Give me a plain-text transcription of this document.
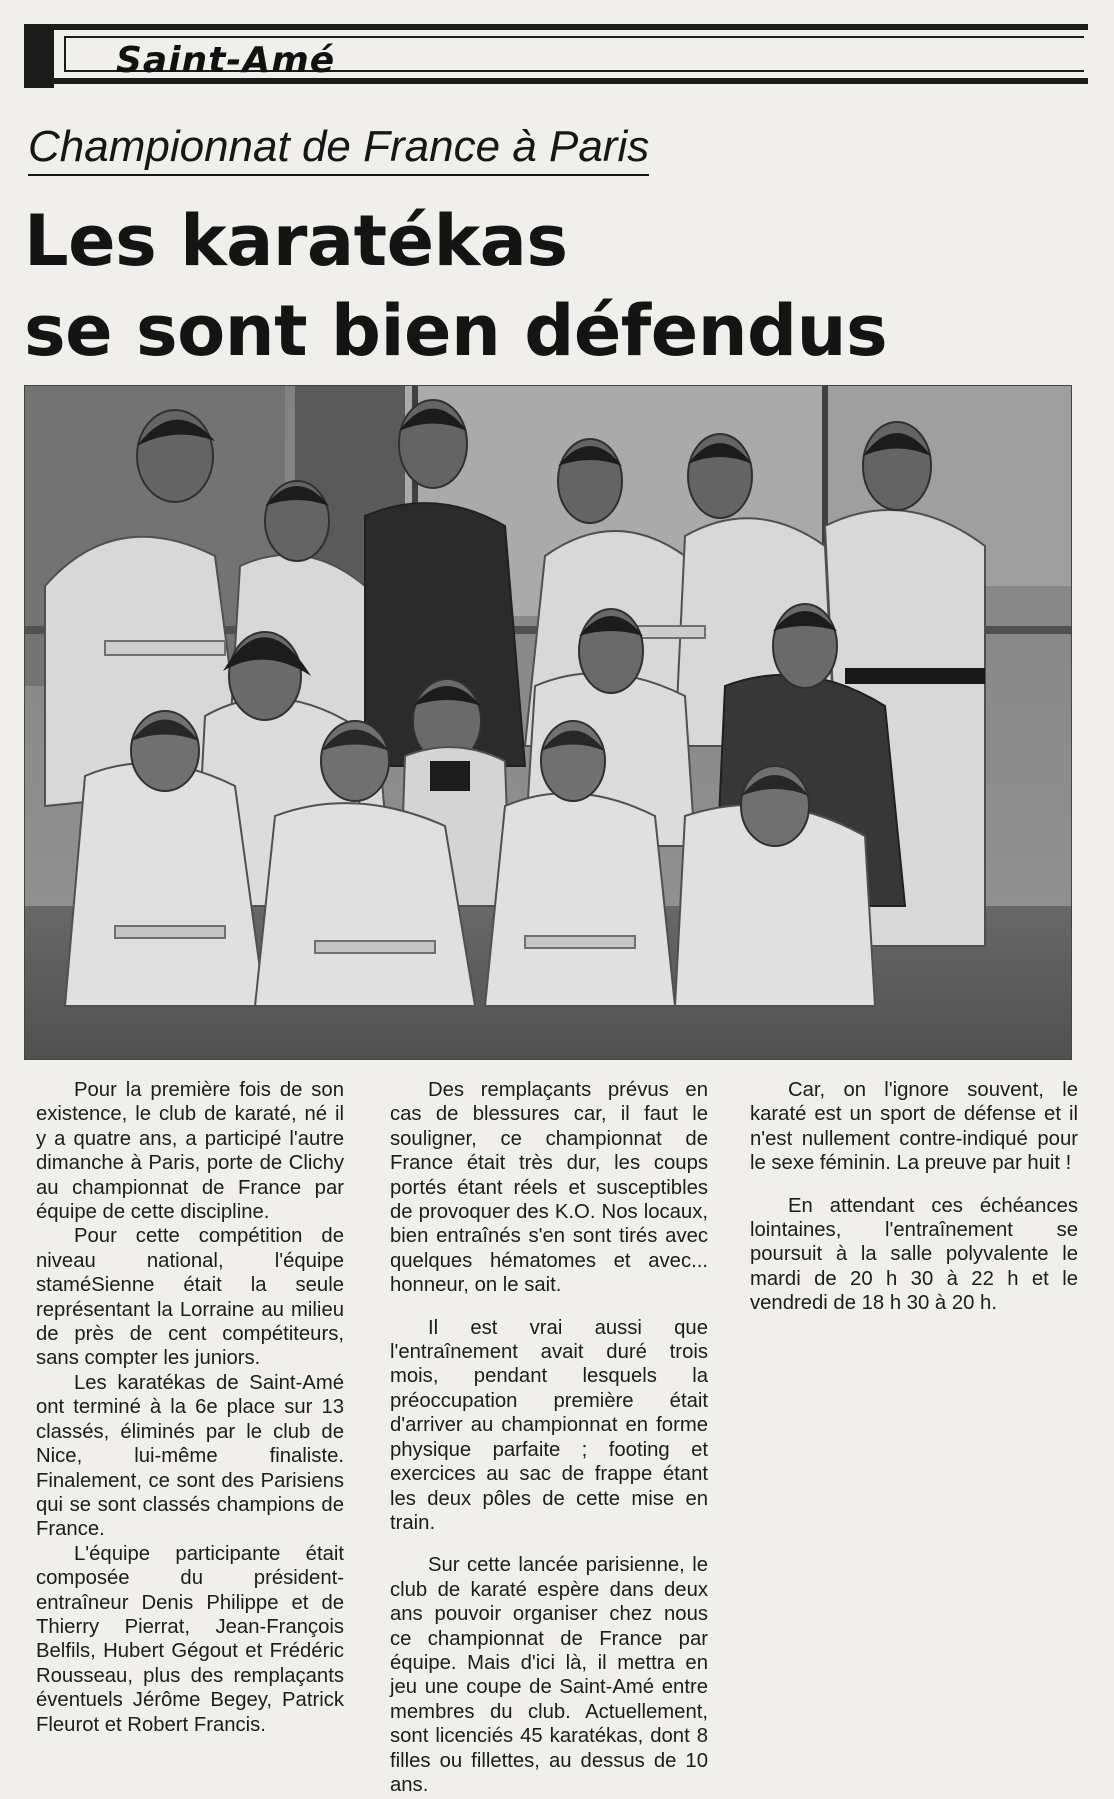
Saint-Amé
Championnat de France à Paris
Les karatékas
se sont bien défendus

Pour la première fois de son existence, le club de karaté, né il y a quatre ans, a participé l'autre dimanche à Paris, porte de Clichy au championnat de France par équipe de cette discipline.

Pour cette compétition de niveau national, l'équipe staméSienne était la seule représentant la Lorraine au milieu de près de cent compétiteurs, sans compter les juniors.

Les karatékas de Saint-Amé ont terminé à la 6e place sur 13 classés, éliminés par le club de Nice, lui-même finaliste. Finalement, ce sont des Parisiens qui se sont classés champions de France.

L'équipe participante était composée du président-entraîneur Denis Philippe et de Thierry Pierrat, Jean-François Belfils, Hubert Gégout et Frédéric Rousseau, plus des remplaçants éventuels Jérôme Begey, Patrick Fleurot et Robert Francis.

Des remplaçants prévus en cas de blessures car, il faut le souligner, ce championnat de France était très dur, les coups portés étant réels et susceptibles de provoquer des K.O. Nos locaux, bien entraînés s'en sont tirés avec quelques hématomes et avec... honneur, on le sait.

Il est vrai aussi que l'entraînement avait duré trois mois, pendant lesquels la préoccupation première était d'arriver au championnat en forme physique parfaite ; footing et exercices au sac de frappe étant les deux pôles de cette mise en train.

Sur cette lancée parisienne, le club de karaté espère dans deux ans pouvoir organiser chez nous ce championnat de France par équipe. Mais d'ici là, il mettra en jeu une coupe de Saint-Amé entre membres du club. Actuellement, sont licenciés 45 karatékas, dont 8 filles ou fillettes, au dessus de 10 ans.

Car, on l'ignore souvent, le karaté est un sport de défense et il n'est nullement contre-indiqué pour le sexe féminin. La preuve par huit !

En attendant ces échéances lointaines, l'entraînement se poursuit à la salle polyvalente le mardi de 20 h 30 à 22 h et le vendredi de 18 h 30 à 20 h.
